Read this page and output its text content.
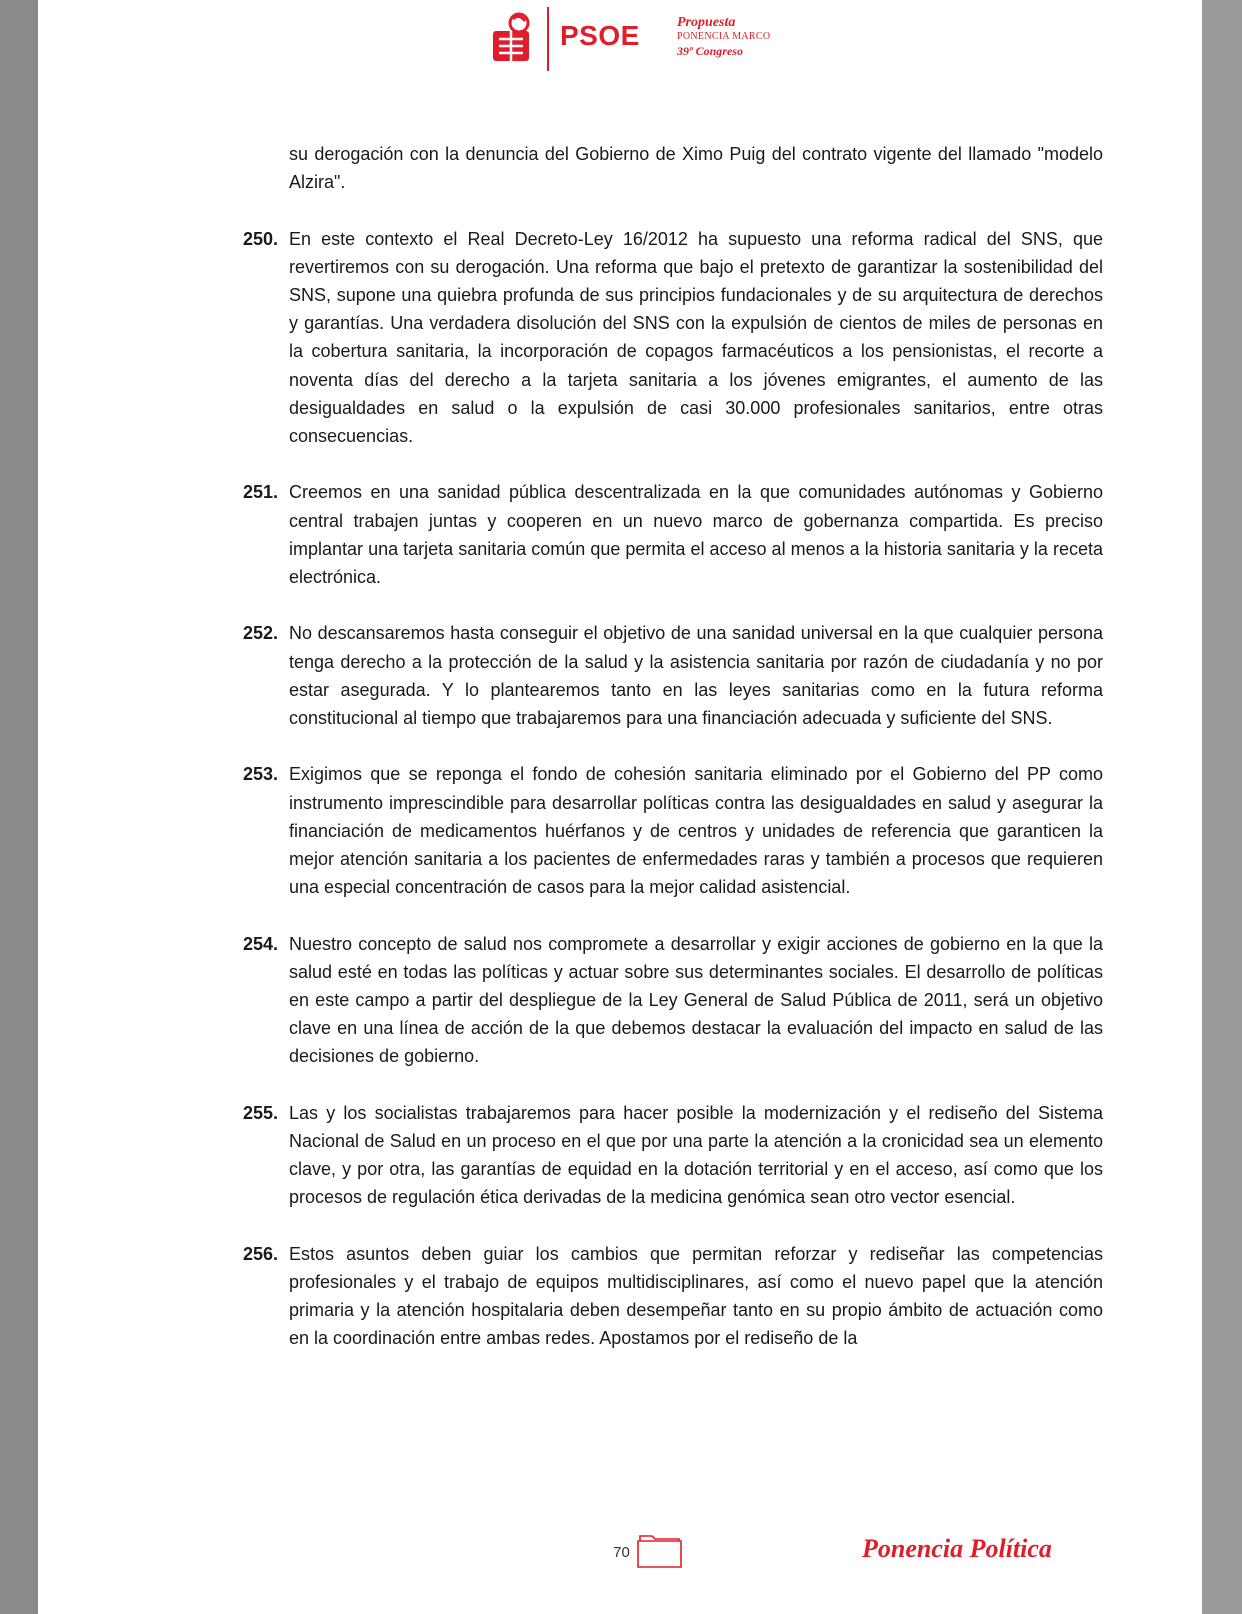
PSOE	Propuesta
PONENCIA MARCO
39º Congreso
su derogación con la denuncia del Gobierno de Ximo Puig del contrato vigente del llamado "modelo Alzira".
250. En este contexto el Real Decreto-Ley 16/2012 ha supuesto una reforma radical del SNS, que revertiremos con su derogación. Una reforma que bajo el pretexto de garantizar la sostenibilidad del SNS, supone una quiebra profunda de sus principios fundacionales y de su arquitectura de derechos y garantías. Una verdadera disolución del SNS con la expulsión de cientos de miles de personas en la cobertura sanitaria, la incorporación de copagos farmacéuticos a los pensionistas, el recorte a noventa días del derecho a la tarjeta sanitaria a los jóvenes emigrantes, el aumento de las desigualdades en salud o la expulsión de casi 30.000 profesionales sanitarios, entre otras consecuencias.
251. Creemos en una sanidad pública descentralizada en la que comunidades autónomas y Gobierno central trabajen juntas y cooperen en un nuevo marco de gobernanza compartida. Es preciso implantar una tarjeta sanitaria común que permita el acceso al menos a la historia sanitaria y la receta electrónica.
252. No descansaremos hasta conseguir el objetivo de una sanidad universal en la que cualquier persona tenga derecho a la protección de la salud y la asistencia sanitaria por razón de ciudadanía y no por estar asegurada. Y lo plantearemos tanto en las leyes sanitarias como en la futura reforma constitucional al tiempo que trabajaremos para una financiación adecuada y suficiente del SNS.
253. Exigimos que se reponga el fondo de cohesión sanitaria eliminado por el Gobierno del PP como instrumento imprescindible para desarrollar políticas contra las desigualdades en salud y asegurar la financiación de medicamentos huérfanos y de centros y unidades de referencia que garanticen la mejor atención sanitaria a los pacientes de enfermedades raras y también a procesos que requieren una especial concentración de casos para la mejor calidad asistencial.
254. Nuestro concepto de salud nos compromete a desarrollar y exigir acciones de gobierno en la que la salud esté en todas las políticas y actuar sobre sus determinantes sociales. El desarrollo de políticas en este campo a partir del despliegue de la Ley General de Salud Pública de 2011, será un objetivo clave en una línea de acción de la que debemos destacar la evaluación del impacto en salud de las decisiones de gobierno.
255. Las y los socialistas trabajaremos para hacer posible la modernización y el rediseño del Sistema Nacional de Salud en un proceso en el que por una parte la atención a la cronicidad sea un elemento clave, y por otra, las garantías de equidad en la dotación territorial y en el acceso, así como que los procesos de regulación ética derivadas de la medicina genómica sean otro vector esencial.
256. Estos asuntos deben guiar los cambios que permitan reforzar y rediseñar las competencias profesionales y el trabajo de equipos multidisciplinares, así como el nuevo papel que la atención primaria y la atención hospitalaria deben desempeñar tanto en su propio ámbito de actuación como en la coordinación entre ambas redes. Apostamos por el rediseño de la
70	Ponencia Política
